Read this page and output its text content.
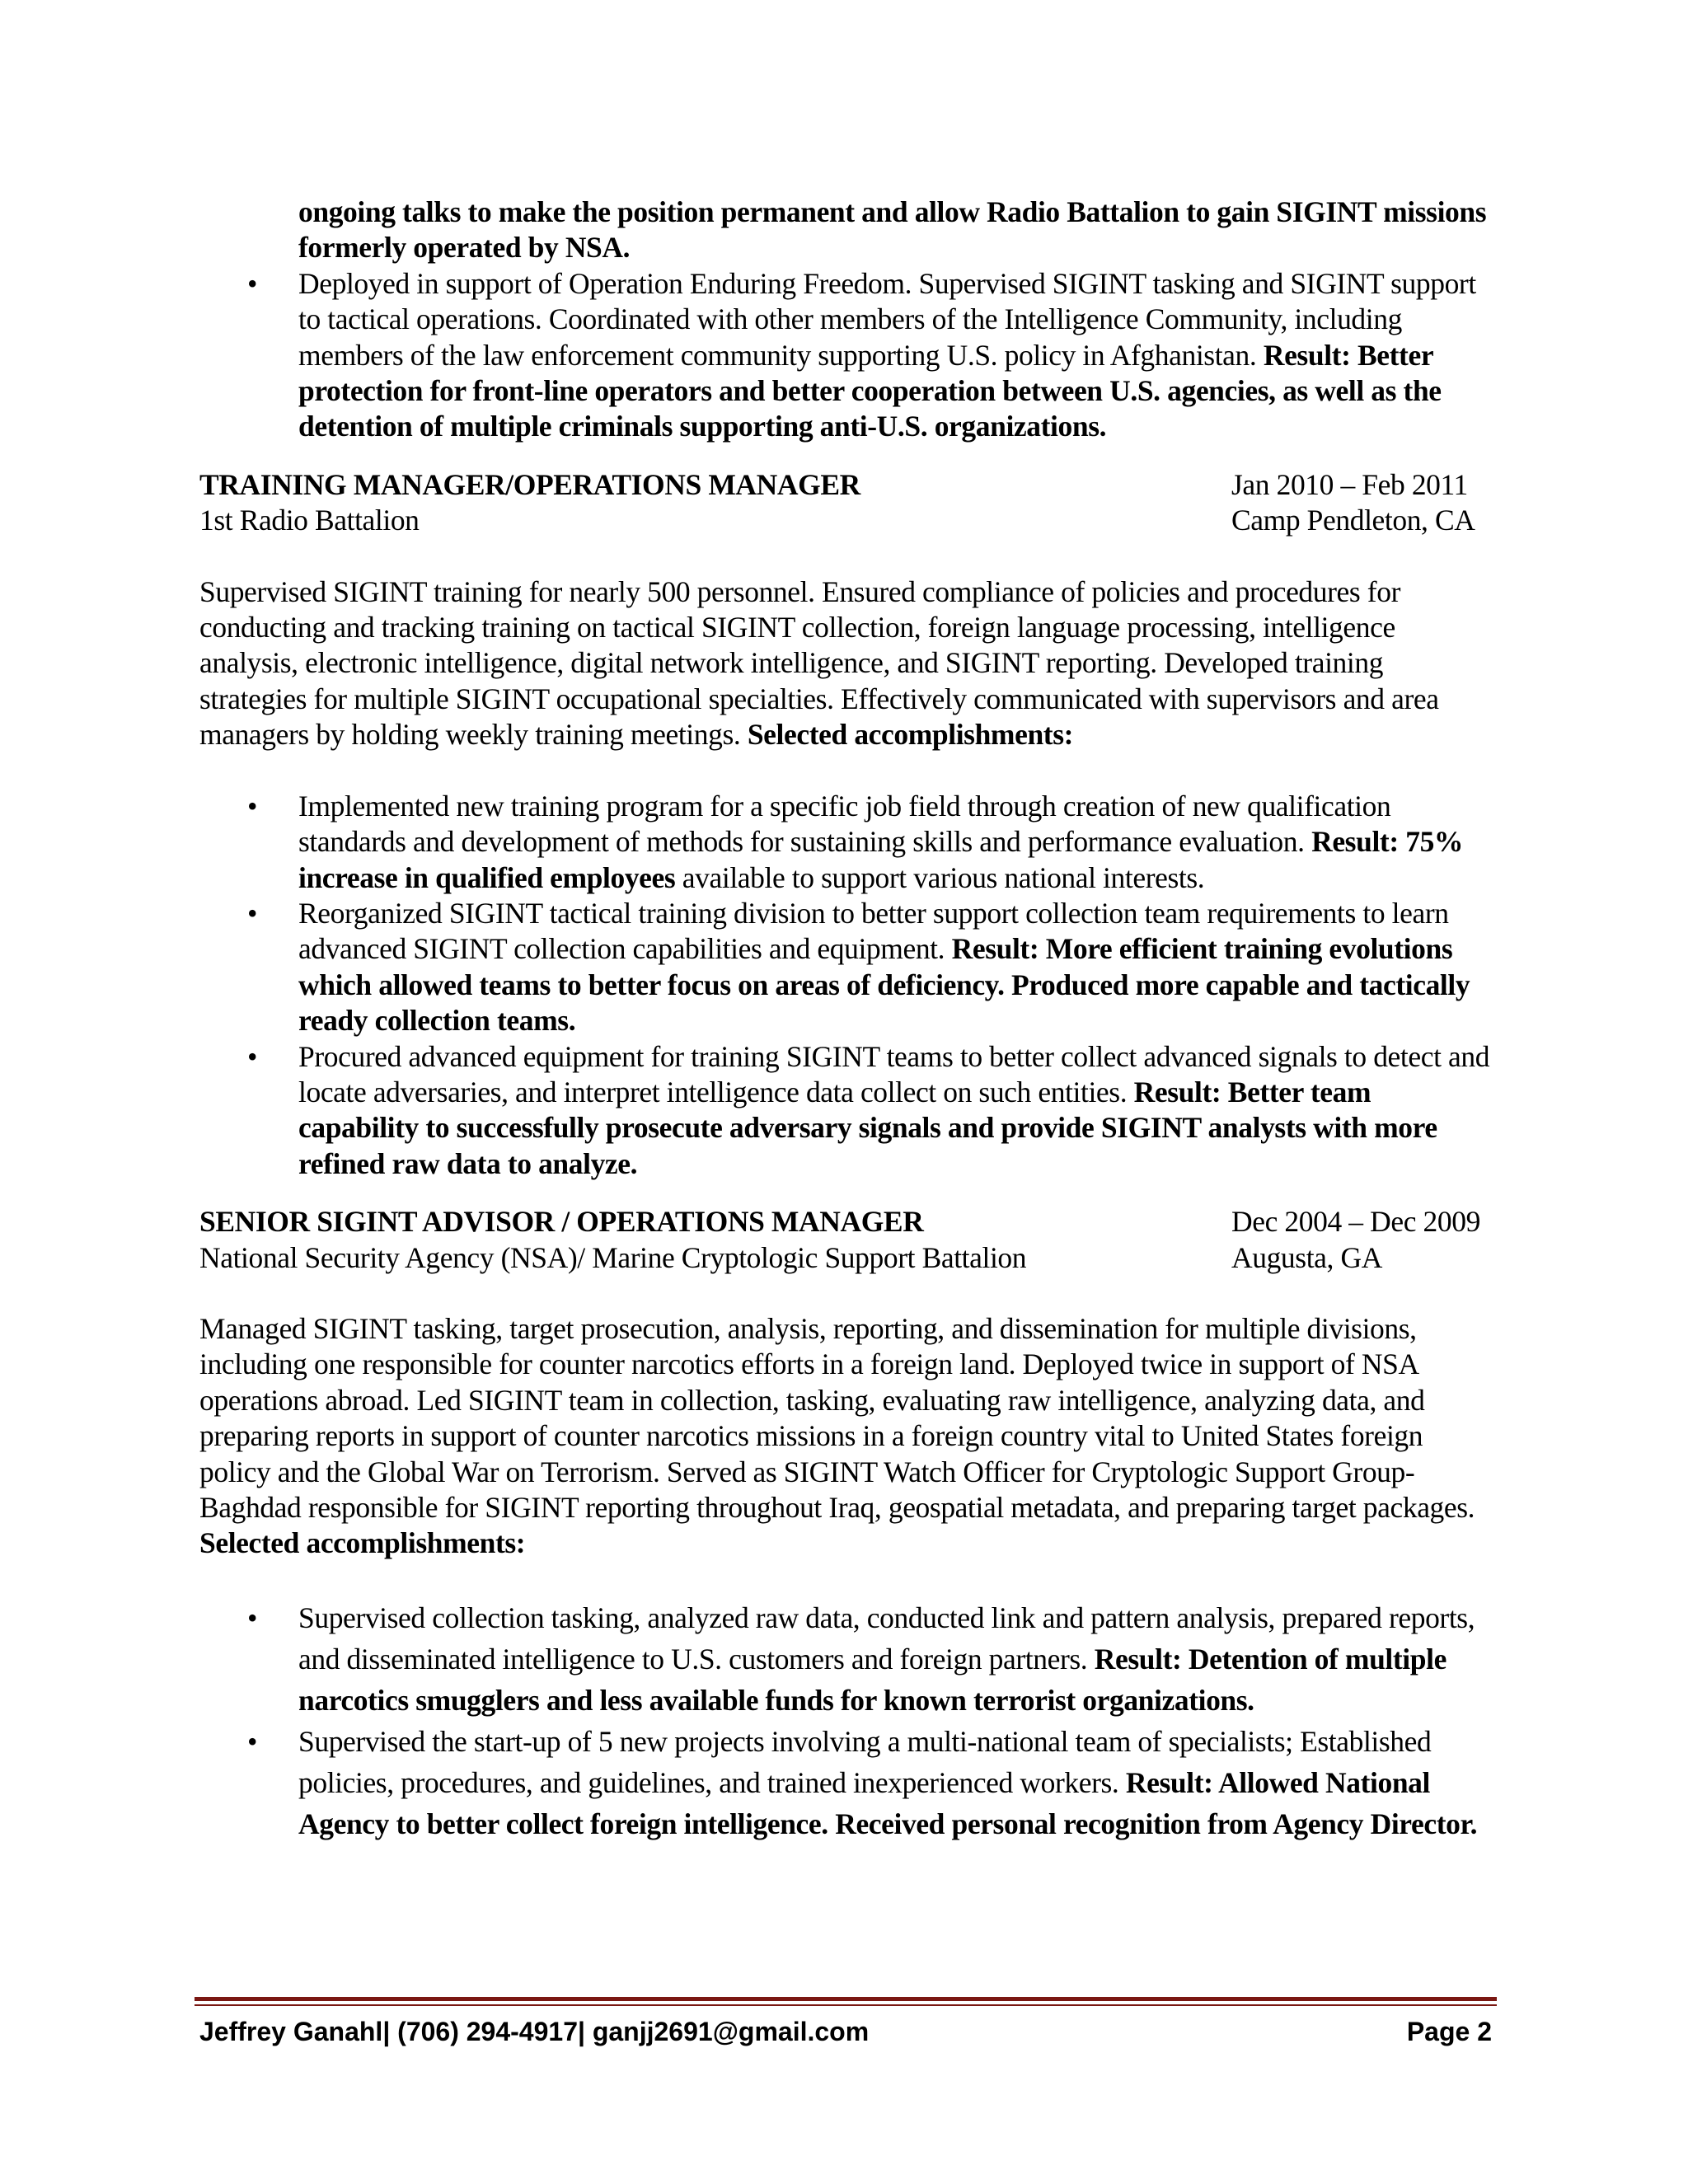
ongoing talks to make the position permanent and allow Radio Battalion to gain SIGINT missions formerly operated by NSA.
• Deployed in support of Operation Enduring Freedom. Supervised SIGINT tasking and SIGINT support to tactical operations. Coordinated with other members of the Intelligence Community, including members of the law enforcement community supporting U.S. policy in Afghanistan. Result: Better protection for front-line operators and better cooperation between U.S. agencies, as well as the detention of multiple criminals supporting anti-U.S. organizations.
TRAINING MANAGER/OPERATIONS MANAGER	Jan 2010 – Feb 2011
1st Radio Battalion	Camp Pendleton, CA
Supervised SIGINT training for nearly 500 personnel. Ensured compliance of policies and procedures for conducting and tracking training on tactical SIGINT collection, foreign language processing, intelligence analysis, electronic intelligence, digital network intelligence, and SIGINT reporting. Developed training strategies for multiple SIGINT occupational specialties. Effectively communicated with supervisors and area managers by holding weekly training meetings. Selected accomplishments:
• Implemented new training program for a specific job field through creation of new qualification standards and development of methods for sustaining skills and performance evaluation. Result: 75% increase in qualified employees available to support various national interests.
• Reorganized SIGINT tactical training division to better support collection team requirements to learn advanced SIGINT collection capabilities and equipment. Result: More efficient training evolutions which allowed teams to better focus on areas of deficiency. Produced more capable and tactically ready collection teams.
• Procured advanced equipment for training SIGINT teams to better collect advanced signals to detect and locate adversaries, and interpret intelligence data collect on such entities. Result: Better team capability to successfully prosecute adversary signals and provide SIGINT analysts with more refined raw data to analyze.
SENIOR SIGINT ADVISOR / OPERATIONS MANAGER	Dec 2004 – Dec 2009
National Security Agency (NSA)/ Marine Cryptologic Support Battalion	Augusta, GA
Managed SIGINT tasking, target prosecution, analysis, reporting, and dissemination for multiple divisions, including one responsible for counter narcotics efforts in a foreign land. Deployed twice in support of NSA operations abroad. Led SIGINT team in collection, tasking, evaluating raw intelligence, analyzing data, and preparing reports in support of counter narcotics missions in a foreign country vital to United States foreign policy and the Global War on Terrorism. Served as SIGINT Watch Officer for Cryptologic Support Group-Baghdad responsible for SIGINT reporting throughout Iraq, geospatial metadata, and preparing target packages. Selected accomplishments:
• Supervised collection tasking, analyzed raw data, conducted link and pattern analysis, prepared reports, and disseminated intelligence to U.S. customers and foreign partners. Result: Detention of multiple narcotics smugglers and less available funds for known terrorist organizations.
• Supervised the start-up of 5 new projects involving a multi-national team of specialists; Established policies, procedures, and guidelines, and trained inexperienced workers. Result: Allowed National Agency to better collect foreign intelligence. Received personal recognition from Agency Director.
Jeffrey Ganahl| (706) 294-4917| ganjj2691@gmail.com	Page 2
